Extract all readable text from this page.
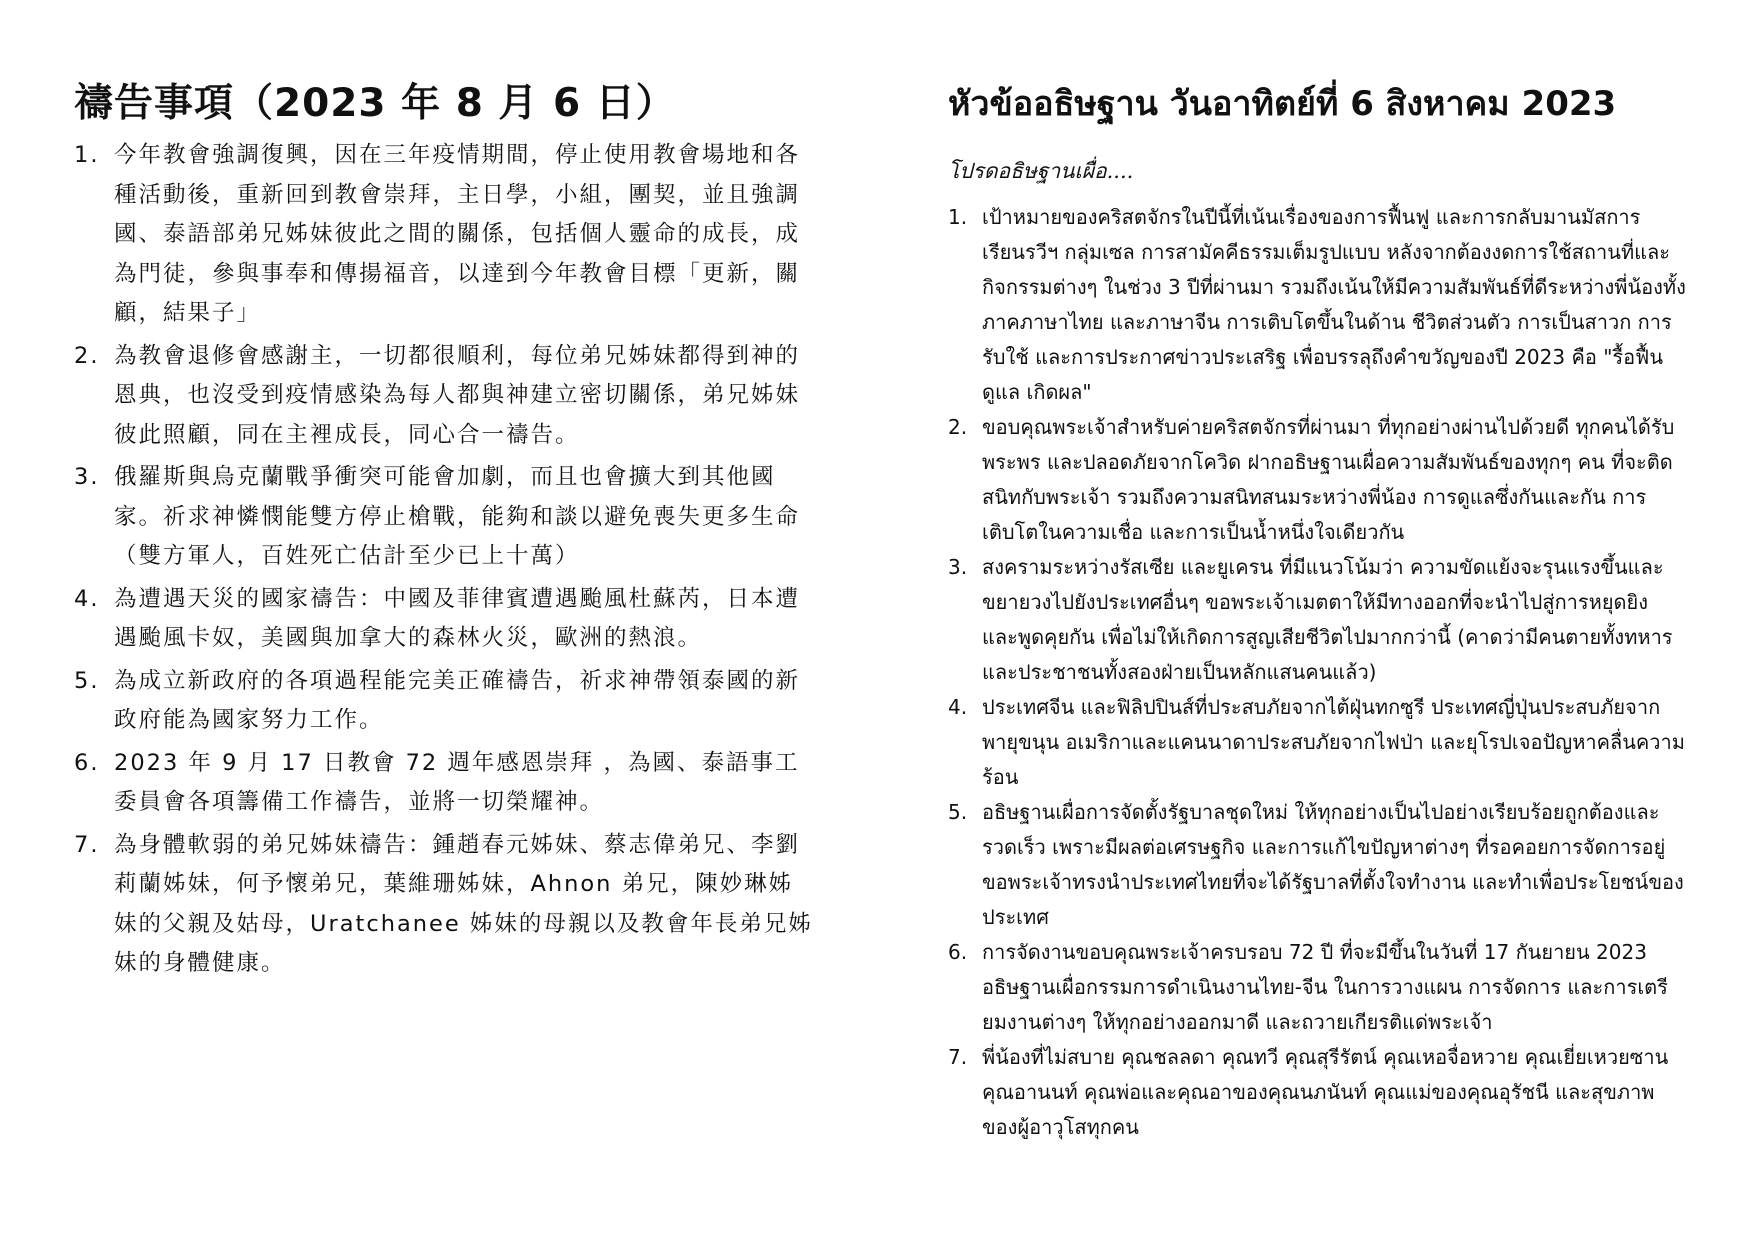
禱告事項（2023 年 8 月 6 日）
1. 今年教會強調復興，因在三年疫情期間，停止使用教會場地和各種活動後，重新回到教會崇拜，主日學，小組，團契，並且強調國、泰語部弟兄姊妹彼此之間的關係，包括個人靈命的成長，成為門徒，參與事奉和傳揚福音，以達到今年教會目標「更新，關顧，結果子」
2. 為教會退修會感謝主，一切都很順利，每位弟兄姊妹都得到神的恩典，也沒受到疫情感染為每人都與神建立密切關係，弟兄姊妹彼此照顧，同在主裡成長，同心合一禱告。
3. 俄羅斯與烏克蘭戰爭衝突可能會加劇，而且也會擴大到其他國家。祈求神憐憫能雙方停止槍戰，能夠和談以避免喪失更多生命（雙方軍人，百姓死亡估計至少已上十萬）
4. 為遭遇天災的國家禱告：中國及菲律賓遭遇颱風杜蘇芮，日本遭遇颱風卡奴，美國與加拿大的森林火災，歐洲的熱浪。
5. 為成立新政府的各項過程能完美正確禱告，祈求神帶領泰國的新政府能為國家努力工作。
6. 2023 年 9 月 17 日教會 72 週年感恩崇拜 ，為國、泰語事工委員會各項籌備工作禱告，並將一切榮耀神。
7. 為身體軟弱的弟兄姊妹禱告：鍾趙春元姊妹、蔡志偉弟兄、李劉莉蘭姊妹，何予懷弟兄，葉維珊姊妹，Ahnon 弟兄，陳妙琳姊妹的父親及姑母，Uratchanee 姊妹的母親以及教會年長弟兄姊妹的身體健康。
หัวข้ออธิษฐาน วันอาทิตย์ที่ 6 สิงหาคม 2023

โปรดอธิษฐานเผื่อ....

1. เป้าหมายของคริสตจักรในปีนี้ที่เน้นเรื่องของการฟื้นฟู และการกลับมานมัสการ เรียนรวีฯ กลุ่มเซล การสามัคคีธรรมเต็มรูปแบบ หลังจากต้องงดการใช้สถานที่และกิจกรรมต่างๆ ในช่วง 3 ปีที่ผ่านมา รวมถึงเน้นให้มีความสัมพันธ์ที่ดีระหว่างพี่น้องทั้งภาคภาษาไทย และภาษาจีน การเติบโตขึ้นในด้าน ชีวิตส่วนตัว การเป็นสาวก การรับใช้ และการประกาศข่าวประเสริฐ เพื่อบรรลุถึงคำขวัญของปี 2023 คือ "รื้อฟื้น ดูแล เกิดผล"
2. ขอบคุณพระเจ้าสำหรับค่ายคริสตจักรที่ผ่านมา ที่ทุกอย่างผ่านไปด้วยดี ทุกคนได้รับพระพร และปลอดภัยจากโควิด ฝากอธิษฐานเผื่อความสัมพันธ์ของทุกๆ คน ที่จะติดสนิทกับพระเจ้า รวมถึงความสนิทสนมระหว่างพี่น้อง การดูแลซึ่งกันและกัน การเติบโตในความเชื่อ และการเป็นน้ำหนึ่งใจเดียวกัน
3. สงครามระหว่างรัสเซีย และยูเครน ที่มีแนวโน้มว่า ความขัดแย้งจะรุนแรงขึ้นและขยายวงไปยังประเทศอื่นๆ ขอพระเจ้าเมตตาให้มีทางออกที่จะนำไปสู่การหยุดยิง และพูดคุยกัน เพื่อไม่ให้เกิดการสูญเสียชีวิตไปมากกว่านี้ (คาดว่ามีคนตายทั้งทหารและประชาชนทั้งสองฝ่ายเป็นหลักแสนคนแล้ว)
4. ประเทศจีน และฟิลิปปินส์ที่ประสบภัยจากไต้ฝุ่นทกซูรี ประเทศญี่ปุ่นประสบภัยจากพายุขนุน อเมริกาและแคนนาดาประสบภัยจากไฟป่า และยุโรปเจอปัญหาคลื่นความร้อน
5. อธิษฐานเผื่อการจัดตั้งรัฐบาลชุดใหม่ ให้ทุกอย่างเป็นไปอย่างเรียบร้อยถูกต้องและรวดเร็ว เพราะมีผลต่อเศรษฐกิจ และการแก้ไขปัญหาต่างๆ ที่รอคอยการจัดการอยู่ ขอพระเจ้าทรงนำประเทศไทยที่จะได้รัฐบาลที่ตั้งใจทำงาน และทำเพื่อประโยชน์ของประเทศ
6. การจัดงานขอบคุณพระเจ้าครบรอบ 72 ปี ที่จะมีขึ้นในวันที่ 17 กันยายน 2023 อธิษฐานเผื่อกรรมการดำเนินงานไทย-จีน ในการวางแผน การจัดการ และการเตรียมงานต่างๆ ให้ทุกอย่างออกมาดี และถวายเกียรติแด่พระเจ้า
7. พี่น้องที่ไม่สบาย คุณชลลดา คุณทวี คุณสุรีรัตน์ คุณเหอจื่อหวาย คุณเยี่ยเหวยซาน คุณอานนท์ คุณพ่อและคุณอาของคุณนภนันท์ คุณแม่ของคุณอุรัชนี และสุขภาพของผู้อาวุโสทุกคน
